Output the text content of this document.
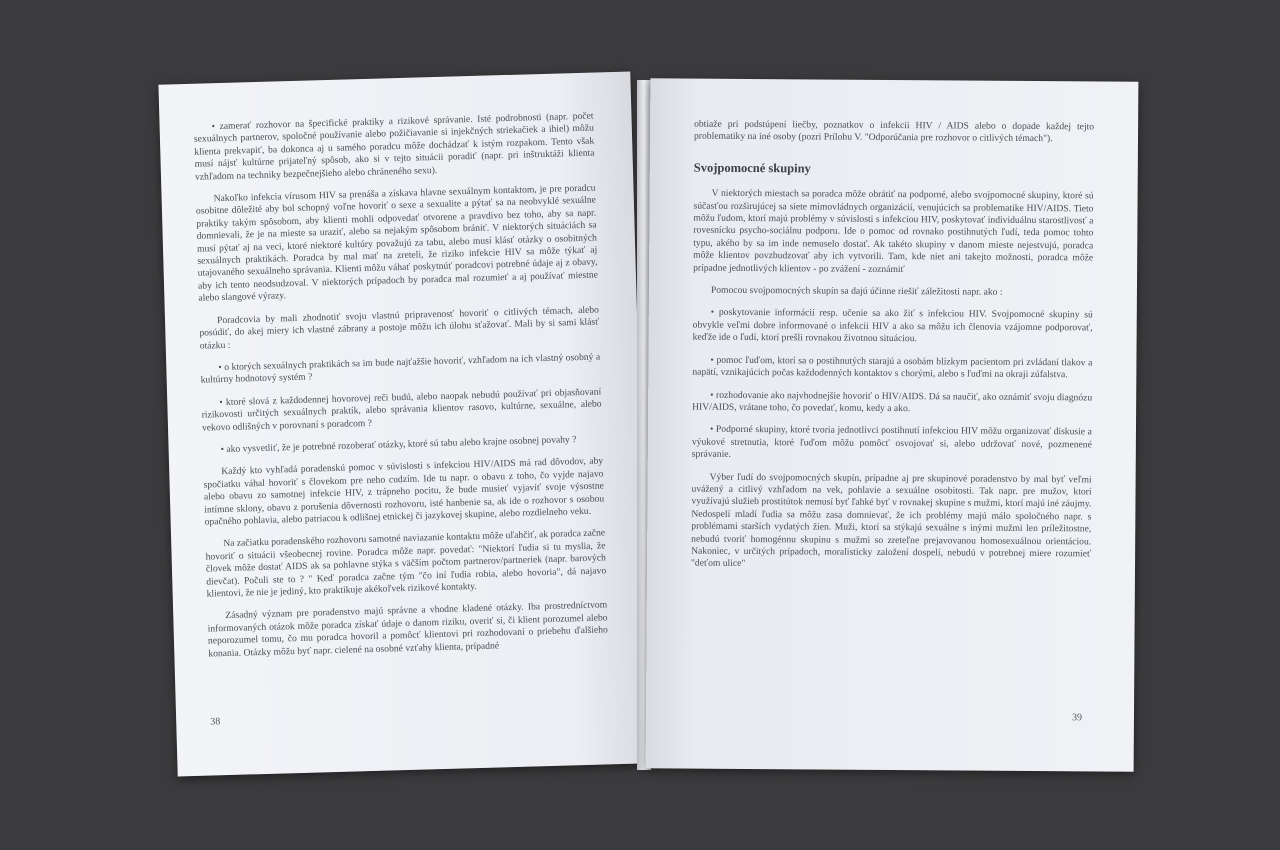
• zamerať rozhovor na špecifické praktiky a rizikové správanie. Isté podrobnosti (napr. počet sexuálnych partnerov, spoločné používanie alebo požičiavanie si injekčných striekačiek a ihiel) môžu klienta prekvapiť, ba dokonca aj u samého poradcu môže dochádzať k istým rozpakom. Tento však musí nájsť kultúrne prijateľný spôsob, ako si v tejto situácii poradiť (napr. pri inštruktáži klienta vzhľadom na techniky bezpečnejšieho alebo chráneného sexu).

Nakoľko infekcia vírusom HIV sa prenáša a získava hlavne sexuálnym kontaktom, je pre poradcu osobitne dôležité aby bol schopný voľne hovoriť o sexe a sexualite a pýtať sa na neobvyklé sexuálne praktiky takým spôsobom, aby klienti mohli odpovedať otvorene a pravdivo bez toho, aby sa napr. domnievali, že je na mieste sa uraziť, alebo sa nejakým spôsobom brániť. V niektorých situáciách sa musí pýtať aj na veci, ktoré niektoré kultúry považujú za tabu, alebo musí klásť otázky o osobitných sexuálnych praktikách. Poradca by mal mať na zreteli, že riziko infekcie HIV sa môže týkať aj utajovaného sexuálneho správania. Klienti môžu váhať poskytnúť poradcovi potrebné údaje aj z obavy, aby ich tento neodsudzoval. V niektorých prípadoch by poradca mal rozumieť a aj používať miestne alebo slangové výrazy.

Poradcovia by mali zhodnotiť svoju vlastnú pripravenosť hovoriť o citlivých témach, alebo posúdiť, do akej miery ich vlastné zábrany a postoje môžu ich úlohu sťažovať. Mali by si sami klásť otázku :

• o ktorých sexuálnych praktikách sa im bude najťažšie hovoriť, vzhľadom na ich vlastný osobný a kultúrny hodnotový systém ?

• ktoré slová z každodennej hovorovej reči budú, alebo naopak nebudú používať pri objasňovaní rizikovosti určitých sexuálnych praktík, alebo správania klientov rasovo, kultúrne, sexuálne, alebo vekovo odlišných v porovnaní s poradcom ?

• ako vysvetliť, že je potrebné rozoberať otázky, ktoré sú tabu alebo krajne osobnej povahy ?

Každý kto vyhľadá poradenskú pomoc v súvislosti s infekciou HIV/AIDS má rad dôvodov, aby spočiatku váhal hovoriť s človekom pre neho cudzím. Ide tu napr. o obavu z toho, čo vyjde najavo alebo obavu zo samotnej infekcie HIV, z trápneho pocitu, že bude musieť vyjaviť svoje výsostne intímne sklony, obavu z porušenia dôvernosti rozhovoru, isté hanbenie sa, ak ide o rozhovor s osobou opačného pohlavia, alebo patriacou k odlišnej etnickej či jazykovej skupine, alebo rozdielneho veku.

Na začiatku poradenského rozhovoru samotné naviazanie kontaktu môže uľahčiť, ak poradca začne hovoriť o situácii všeobecnej rovine. Poradca môže napr. povedať: "Niektorí ľudia si tu myslia, že človek môže dostať AIDS ak sa pohlavne stýka s väčším počtom partnerov/partneriek (napr. barových dievčat). Počuli ste to ? " Keď poradca začne tým "čo iní ľudia robia, alebo hovoria", dá najavo klientovi, že nie je jediný, kto praktikuje akékoľvek rizikové kontakty.

Zásadný význam pre poradenstvo majú správne a vhodne kladené otázky. Iba prostredníctvom informovaných otázok môže poradca získať údaje o danom riziku, overiť si, či klient porozumel alebo neporozumel tomu, čo mu poradca hovoril a pomôcť klientovi pri rozhodovaní o priebehu ďalšieho konania. Otázky môžu byť napr. cielené na osobné vzťahy klienta, prípadné

38

obtiaže pri podstúpení liečby, poznatkov o infekcii HIV / AIDS alebo o dopade každej tejto problematiky na iné osoby (pozri Prílohu V. "Odporúčania pre rozhovor o citlivých témach").

Svojpomocné skupiny

V niektorých miestach sa poradca môže obrátiť na podporné, alebo svojpomocné skupiny, ktoré sú súčasťou rozširujúcej sa siete mimovládnych organizácií, venujúcich sa problematike HIV/AIDS. Tieto môžu ľudom, ktorí majú problémy v súvislosti s infekciou HIV, poskytovať individuálnu starostlivosť a rovesnícku psycho-sociálnu podporu. Ide o pomoc od rovnako postihnutých ľudí, teda pomoc tohto typu, akého by sa im inde nemuselo dostať. Ak takéto skupiny v danom mieste nejestvujú, poradca môže klientov povzbudzovať aby ich vytvorili. Tam, kde niet ani takejto možnosti, poradca môže prípadne jednotlivých klientov - po zvážení - zoznámiť

Pomocou svojpomocných skupín sa dajú účinne riešiť záležitosti napr. ako :

• poskytovanie informácií resp. učenie sa ako žiť s infekciou HIV. Svojpomocné skupiny sú obvykle veľmi dobre informované o infekcii HIV a ako sa môžu ich členovia vzájomne podporovať, keďže ide o ľudí, ktorí prešli rovnakou životnou situáciou.

• pomoc ľuďom, ktorí sa o postihnutých starajú a osobám blízkym pacientom pri zvládaní tlakov a napätí, vznikajúcich počas každodenných kontaktov s chorými, alebo s ľuďmi na okraji zúfalstva.

• rozhodovanie ako najvhodnejšie hovoriť o HIV/AIDS. Dá sa naučiť, ako oznámiť svoju diagnózu HIV/AIDS, vrátane toho, čo povedať, komu, kedy a ako.

• Podporné skupiny, ktoré tvoria jednotlivci postihnutí infekciou HIV môžu organizovať diskusie a výukové stretnutia, ktoré ľuďom môžu pomôcť osvojovať si, alebo udržovať nové, pozmenené správanie.

Výber ľudí do svojpomocných skupín, prípadne aj pre skupinové poradenstvo by mal byť veľmi uvážený a citlivý vzhľadom na vek, pohlavie a sexuálne osobitosti. Tak napr. pre mužov, ktorí využívajú služieb prostitútok nemusí byť ľahké byť v rovnakej skupine s mužmi, ktorí majú iné záujmy. Nedospelí mladí ľudia sa môžu zasa domnievať, že ich problémy majú málo spoločného napr. s problémami starších vydatých žien. Muži, ktorí sa stýkajú sexuálne s inými mužmi len príležitostne, nebudú tvoriť homogénnu skupinu s mužmi so zreteľne prejavovanou homosexuálnou orientáciou. Nakoniec, v určitých prípadoch, moralisticky založení dospelí, nebudú v potrebnej miere rozumieť "deťom ulice"

39
